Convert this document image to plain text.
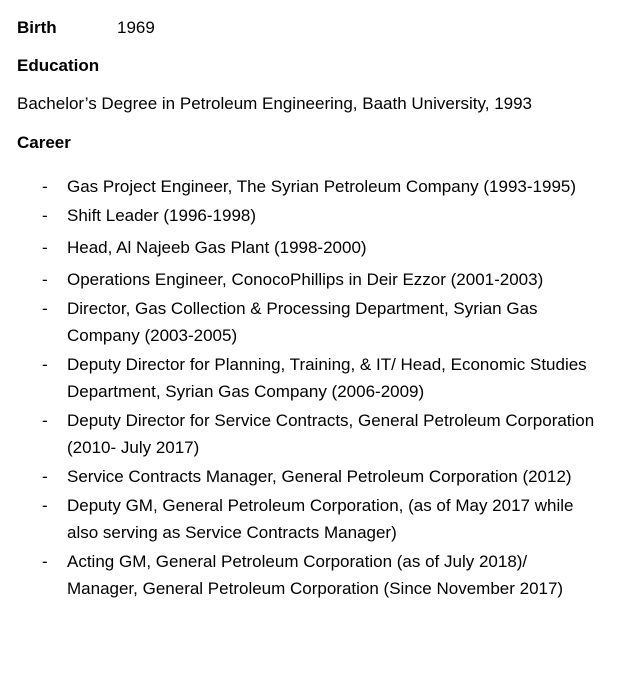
Birth	1969
Education
Bachelor’s Degree in Petroleum Engineering, Baath University, 1993
Career
- Gas Project Engineer, The Syrian Petroleum Company (1993-1995)
- Shift Leader (1996-1998)
- Head, Al Najeeb Gas Plant (1998-2000)
- Operations Engineer, ConocoPhillips in Deir Ezzor (2001-2003)
- Director, Gas Collection & Processing Department, Syrian Gas Company (2003-2005)
- Deputy Director for Planning, Training, & IT/ Head, Economic Studies Department, Syrian Gas Company (2006-2009)
- Deputy Director for Service Contracts, General Petroleum Corporation (2010- July 2017)
- Service Contracts Manager, General Petroleum Corporation (2012)
- Deputy GM, General Petroleum Corporation, (as of May 2017 while also serving as Service Contracts Manager)
- Acting GM, General Petroleum Corporation (as of July 2018)/ Manager, General Petroleum Corporation (Since November 2017)
